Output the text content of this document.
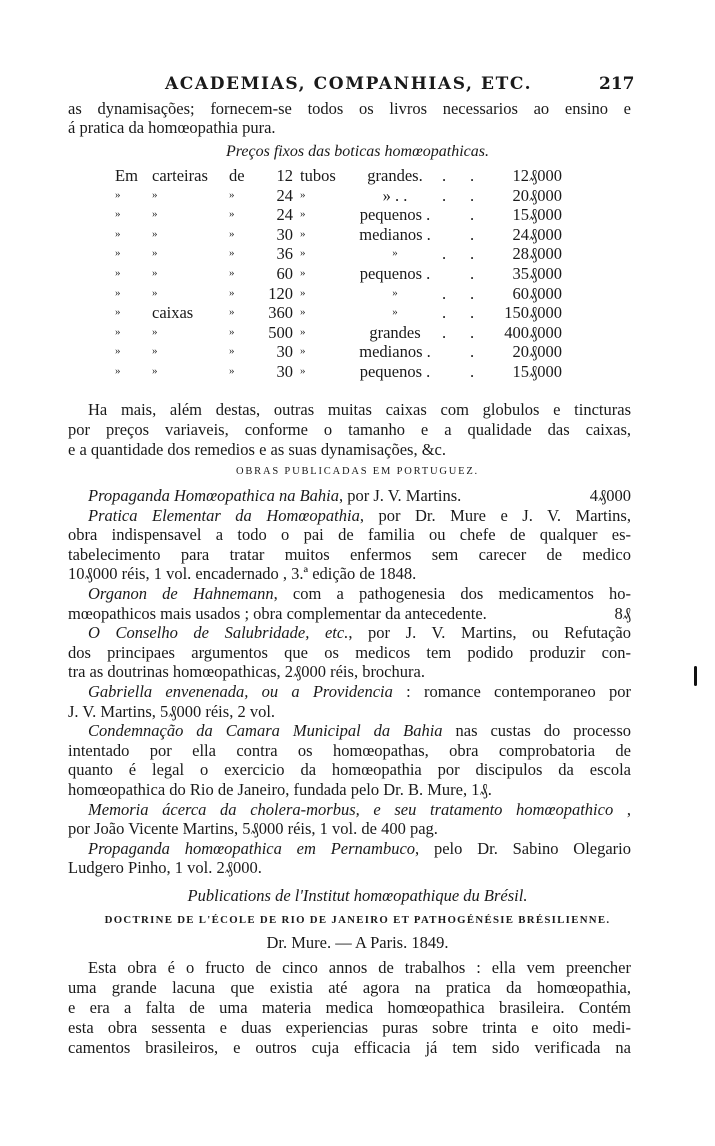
ACADEMIAS, COMPANHIAS, ETC.	217
as dynamisações; fornecem-se todos os livros necessarios ao ensino e
á pratica da homœopathia pura.
Preços fixos das boticas homœopathicas.
Em carteiras de	12 tubos	grandes.	. .	12₰000
»	»	»	24 »	» . .	. .	20₰000
»	»	»	24 »	pequenos .	.	15₰000
»	»	»	30 »	medianos .	.	24₰000
»	»	»	36 »	»	. .	28₰000
»	»	»	60 »	pequenos .	.	35₰000
»	»	»	120 »	»	. .	60₰000
» caixas	»	360 »	»	. .	150₰000
»	»	»	500 »	grandes	. .	400₰000
»	»	»	30 »	medianos .	.	20₰000
»	»	»	30 »	pequenos .	.	15₰000
Ha mais, além destas, outras muitas caixas com globulos e tincturas
por preços variaveis, conforme o tamanho e a qualidade das caixas,
e a quantidade dos remedios e as suas dynamisações, &c.
OBRAS PUBLICADAS EM PORTUGUEZ.
Propaganda Homœopathica na Bahia, por J. V. Martins.	4₰000
Pratica Elementar da Homœopathia, por Dr. Mure e J. V. Martins,
obra indispensavel a todo o pai de familia ou chefe de qualquer es-
tabelecimento para tratar muitos enfermos sem carecer de medico
10₰000 réis, 1 vol. encadernado , 3.ª edição de 1848.
Organon de Hahnemann, com a pathogenesia dos medicamentos ho-
mœopathicos mais usados ; obra complementar da antecedente.	8₰
O Conselho de Salubridade, etc., por J. V. Martins, ou Refutação
dos principaes argumentos que os medicos tem podido produzir con-
tra as doutrinas homœopathicas, 2₰000 réis, brochura.
Gabriella envenenada, ou a Providencia : romance contemporaneo por
J. V. Martins, 5₰000 réis, 2 vol.
Condemnação da Camara Municipal da Bahia nas custas do processo
intentado por ella contra os homœopathas, obra comprobatoria de
quanto é legal o exercicio da homœopathia por discipulos da escola
homœopathica do Rio de Janeiro, fundada pelo Dr. B. Mure, 1₰.
Memoria ácerca da cholera-morbus, e seu tratamento homœopathico ,
por João Vicente Martins, 5₰000 réis, 1 vol. de 400 pag.
Propaganda homœopathica em Pernambuco, pelo Dr. Sabino Olegario
Ludgero Pinho, 1 vol. 2₰000.
Publications de l'Institut homœopathique du Brésil.
DOCTRINE DE L'ÉCOLE DE RIO DE JANEIRO ET PATHOGÉNÉSIE BRÉSILIENNE.
Dr. Mure. — A Paris. 1849.
Esta obra é o fructo de cinco annos de trabalhos : ella vem preencher
uma grande lacuna que existia até agora na pratica da homœopathia,
e era a falta de uma materia medica homœopathica brasileira. Contém
esta obra sessenta e duas experiencias puras sobre trinta e oito medi-
camentos brasileiros, e outros cuja efficacia já tem sido verificada na
